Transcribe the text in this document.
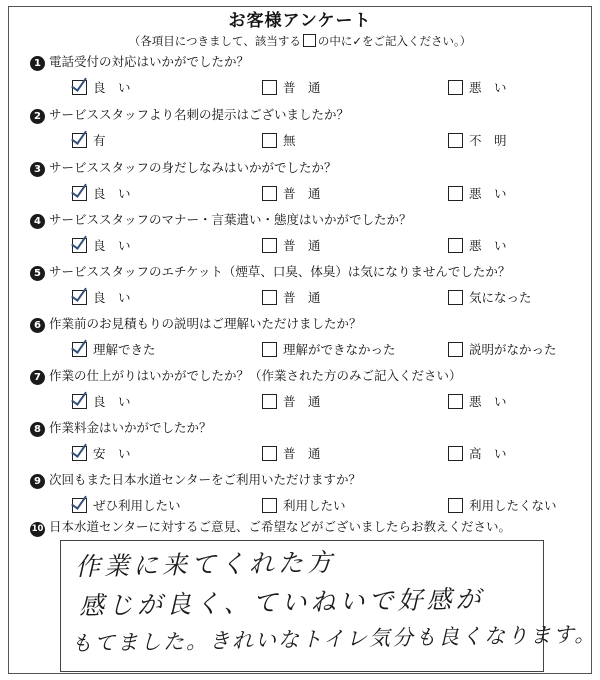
お客様アンケート
（各項目につきまして、該当する の中に✓をご記入ください。）
1 電話受付の対応はいかがでしたか？
良　い	普　通	悪　い
2 サービススタッフより名刺の提示はございましたか？
有	無	不　明
3 サービススタッフの身だしなみはいかがでしたか？
良　い	普　通	悪　い
4 サービススタッフのマナー・言葉遣い・態度はいかがでしたか？
良　い	普　通	悪　い
5 サービススタッフのエチケット（煙草、口臭、体臭）は気になりませんでしたか？
良　い	普　通	気になった
6 作業前のお見積もりの説明はご理解いただけましたか？
理解できた	理解ができなかった	説明がなかった
7 作業の仕上がりはいかがでしたか？（作業された方のみご記入ください）
良　い	普　通	悪　い
8 作業料金はいかがでしたか？
安　い	普　通	高　い
9 次回もまた日本水道センターをご利用いただけますか？
ぜひ利用したい	利用したい	利用したくない
10 日本水道センターに対するご意見、ご希望などがございましたらお教えください。
作業に来てくれた方
感じが良く、ていねいで好感が
もてました。きれいなトイレ気分も良くなります。
